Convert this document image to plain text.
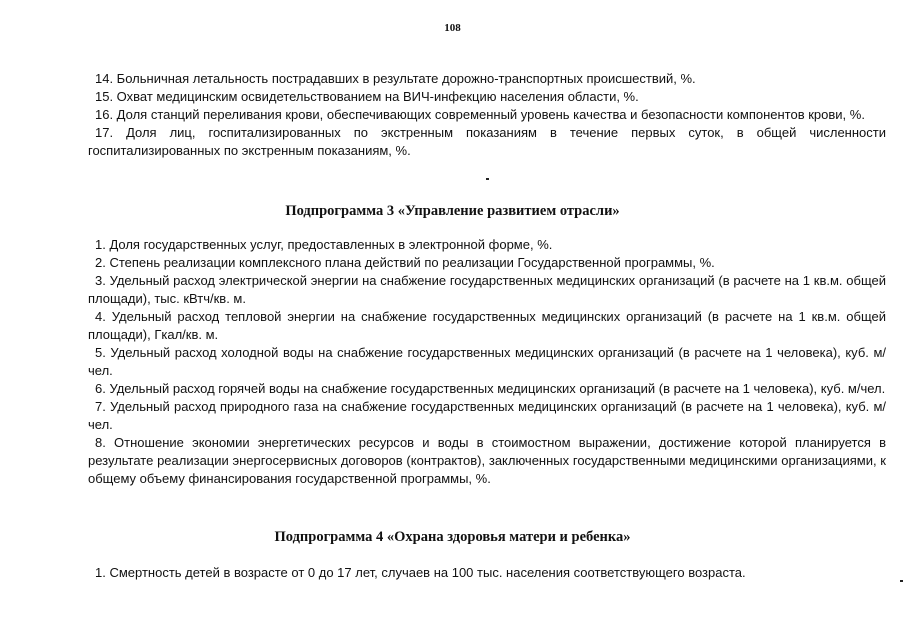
108

14. Больничная летальность пострадавших в результате дорожно-транспортных происшествий, %.

15. Охват медицинским освидетельствованием на ВИЧ-инфекцию населения области, %.

16. Доля станций переливания крови, обеспечивающих современный уровень качества и безопасности компонентов крови, %.

17. Доля лиц, госпитализированных по экстренным показаниям в течение первых суток, в общей численности госпитализированных по экстренным показаниям, %.

Подпрограмма 3 «Управление развитием отрасли»

1. Доля государственных услуг, предоставленных в электронной форме, %.

2. Степень реализации комплексного плана действий по реализации Государственной программы, %.

3. Удельный расход электрической энергии на снабжение государственных медицинских организаций (в расчете на 1 кв.м. общей площади), тыс. кВтч/кв. м.

4. Удельный расход тепловой энергии на снабжение государственных медицинских организаций (в расчете на 1 кв.м. общей площади), Гкал/кв. м.

5. Удельный расход холодной воды на снабжение государственных медицинских организаций (в расчете на 1 человека), куб. м/чел.

6. Удельный расход горячей воды на снабжение государственных медицинских организаций (в расчете на 1 человека), куб. м/чел.

7. Удельный расход природного газа на снабжение государственных медицинских организаций (в расчете на 1 человека), куб. м/чел.

8. Отношение экономии энергетических ресурсов и воды в стоимостном выражении, достижение которой планируется в результате реализации энергосервисных договоров (контрактов), заключенных государственными медицинскими организациями, к общему объему финансирования государственной программы, %.

Подпрограмма 4 «Охрана здоровья матери и ребенка»

1. Смертность детей в возрасте от 0 до 17 лет, случаев на 100 тыс. населения соответствующего возраста.
